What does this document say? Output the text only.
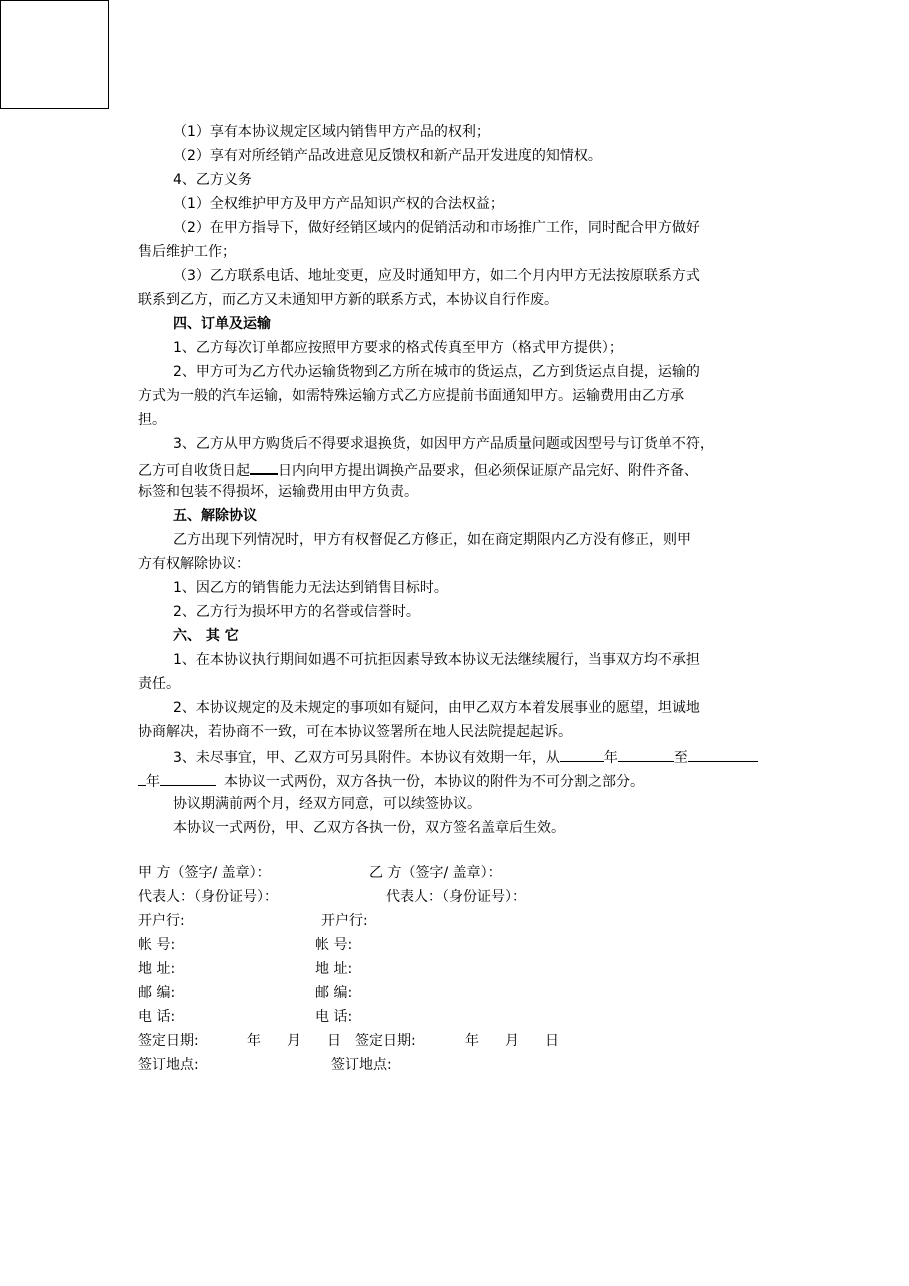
（1）享有本协议规定区域内销售甲方产品的权利；
（2）享有对所经销产品改进意见反馈权和新产品开发进度的知情权。
4、乙方义务
（1）全权维护甲方及甲方产品知识产权的合法权益；
（2）在甲方指导下，做好经销区域内的促销活动和市场推广工作，同时配合甲方做好
售后维护工作；
（3）乙方联系电话、地址变更，应及时通知甲方，如二个月内甲方无法按原联系方式
联系到乙方，而乙方又未通知甲方新的联系方式，本协议自行作废。
四、订单及运输
1、乙方每次订单都应按照甲方要求的格式传真至甲方（格式甲方提供）；
2、甲方可为乙方代办运输货物到乙方所在城市的货运点，乙方到货运点自提，运输的
方式为一般的汽车运输，如需特殊运输方式乙方应提前书面通知甲方。运输费用由乙方承
担。
3、乙方从甲方购货后不得要求退换货，如因甲方产品质量问题或因型号与订货单不符，
乙方可自收货日起 日内向甲方提出调换产品要求，但必须保证原产品完好、附件齐备、
标签和包装不得损坏，运输费用由甲方负责。
五、解除协议
乙方出现下列情况时，甲方有权督促乙方修正，如在商定期限内乙方没有修正，则甲
方有权解除协议：
1、因乙方的销售能力无法达到销售目标时。
2、乙方行为损坏甲方的名誉或信誉时。
六、 其 它
1、在本协议执行期间如遇不可抗拒因素导致本协议无法继续履行，当事双方均不承担
责任。
2、本协议规定的及未规定的事项如有疑问，由甲乙双方本着发展事业的愿望，坦诚地
协商解决，若协商不一致，可在本协议签署所在地人民法院提起起诉。
3、未尽事宜，甲、乙双方可另具附件。本协议有效期一年，从	年	至
年	本协议一式两份，双方各执一份，本协议的附件为不可分割之部分。
协议期满前两个月，经双方同意，可以续签协议。
本协议一式两份，甲、乙双方各执一份，双方签名盖章后生效。
甲 方（签字/ 盖章）：	乙 方（签字/ 盖章）：
代表人：（身份证号）：	代表人：（身份证号）：
开户行:	开户行:
帐 号:	帐 号:
地 址:	地 址:
邮 编:	邮 编:
电 话:	电 话:
签定日期:	年 月 日 签定日期:	年 月 日
签订地点:	签订地点:
